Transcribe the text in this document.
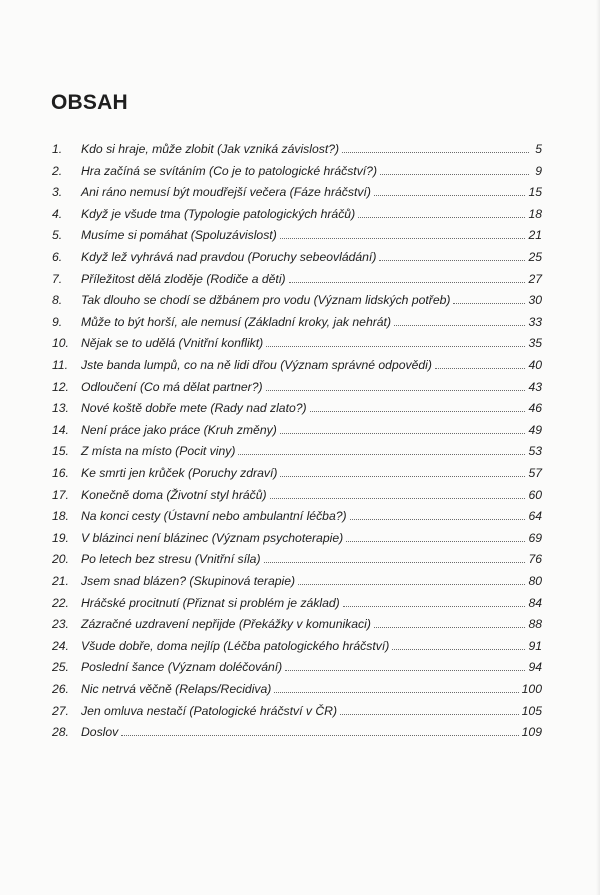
OBSAH
1.	Kdo si hraje, může zlobit (Jak vzniká závislost?)	5
2.	Hra začíná se svítáním (Co je to patologické hráčství?)	9
3.	Ani ráno nemusí být moudřejší večera (Fáze hráčství)	15
4.	Když je všude tma (Typologie patologických hráčů)	18
5.	Musíme si pomáhat (Spoluzávislost)	21
6.	Když lež vyhrává nad pravdou (Poruchy sebeovládání)	25
7.	Příležitost dělá zloděje (Rodiče a děti)	27
8.	Tak dlouho se chodí se džbánem pro vodu (Význam lidských potřeb)	30
9.	Může to být horší, ale nemusí (Základní kroky, jak nehrát)	33
10. Nějak se to udělá (Vnitřní konflikt)	35
11.	Jste banda lumpů, co na ně lidi dřou (Význam správné odpovědi)	40
12. Odloučení (Co má dělat partner?)	43
13. Nové koště dobře mete (Rady nad zlato?)	46
14. Není práce jako práce (Kruh změny)	49
15. Z místa na místo (Pocit viny)	53
16. Ke smrti jen krůček (Poruchy zdraví)	57
17. Konečně doma (Životní styl hráčů)	60
18. Na konci cesty (Ústavní nebo ambulantní léčba?)	64
19. V blázinci není blázinec (Význam psychoterapie)	69
20. Po letech bez stresu (Vnitřní síla)	76
21. Jsem snad blázen? (Skupinová terapie)	80
22. Hráčské procitnutí (Přiznat si problém je základ)	84
23. Zázračné uzdravení nepřijde (Překážky v komunikaci)	88
24. Všude dobře, doma nejlíp (Léčba patologického hráčství)	91
25. Poslední šance (Význam doléčování)	94
26. Nic netrvá věčně (Relaps/Recidiva)	100
27. Jen omluva nestačí (Patologické hráčství v ČR)	105
28. Doslov	109
